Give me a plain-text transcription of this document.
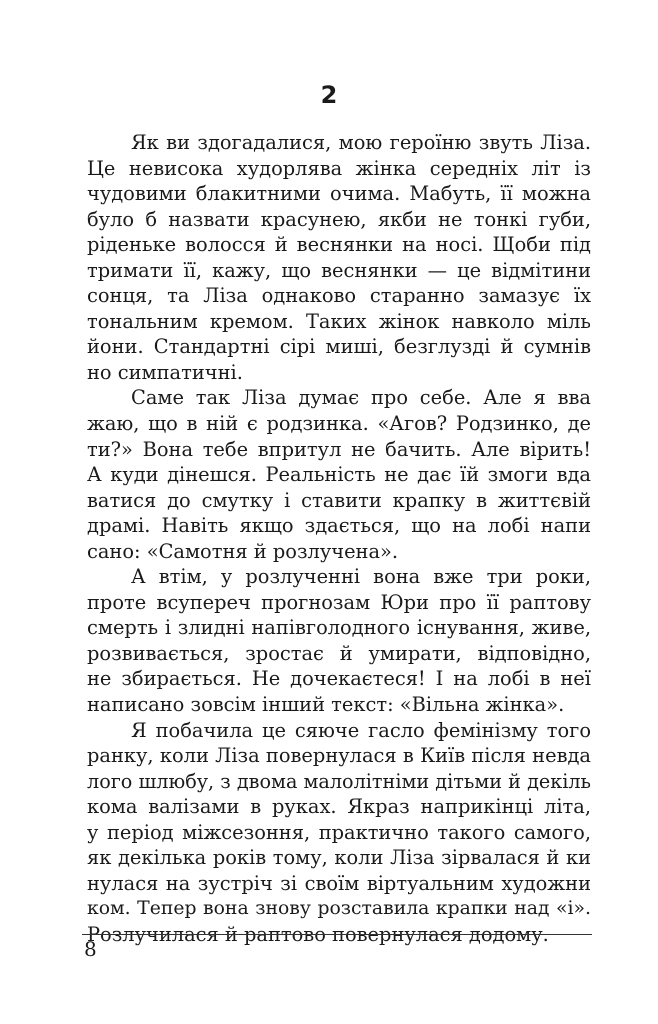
2
Як ви здогадалися, мою героїню звуть Ліза.
Це невисока худорлява жінка середніх літ із
чудовими блакитними очима. Мабуть, її можна
було б назвати красунею, якби не тонкі губи,
ріденьке волосся й веснянки на носі. Щоби під
тримати її, кажу, що веснянки — це відмітини
сонця, та Ліза однаково старанно замазує їх
тональним кремом. Таких жінок навколо міль
йони. Стандартні сірі миші, безглузді й сумнів
но симпатичні.
Саме так Ліза думає про себе. Але я вва
жаю, що в ній є родзинка. «Агов? Родзинко, де
ти?» Вона тебе впритул не бачить. Але вірить!
А куди дінешся. Реальність не дає їй змоги вда
ватися до смутку і ставити крапку в життєвій
драмі. Навіть якщо здається, що на лобі напи
сано: «Самотня й розлучена».
А втім, у розлученні вона вже три роки,
проте всупереч прогнозам Юри про її раптову
смерть і злидні напівголодного існування, живе,
розвивається, зростає й умирати, відповідно,
не збирається. Не дочекаєтеся! І на лобі в неї
написано зовсім інший текст: «Вільна жінка».
Я побачила це сяюче гасло фемінізму того
ранку, коли Ліза повернулася в Київ після невда
лого шлюбу, з двома малолітніми дітьми й декіль
кома валізами в руках. Якраз наприкінці літа,
у період міжсезоння, практично такого самого,
як декілька років тому, коли Ліза зірвалася й ки
нулася на зустріч зі своїм віртуальним художни
ком. Тепер вона знову розставила крапки над «і».
Розлучилася й раптово повернулася додому.
8
